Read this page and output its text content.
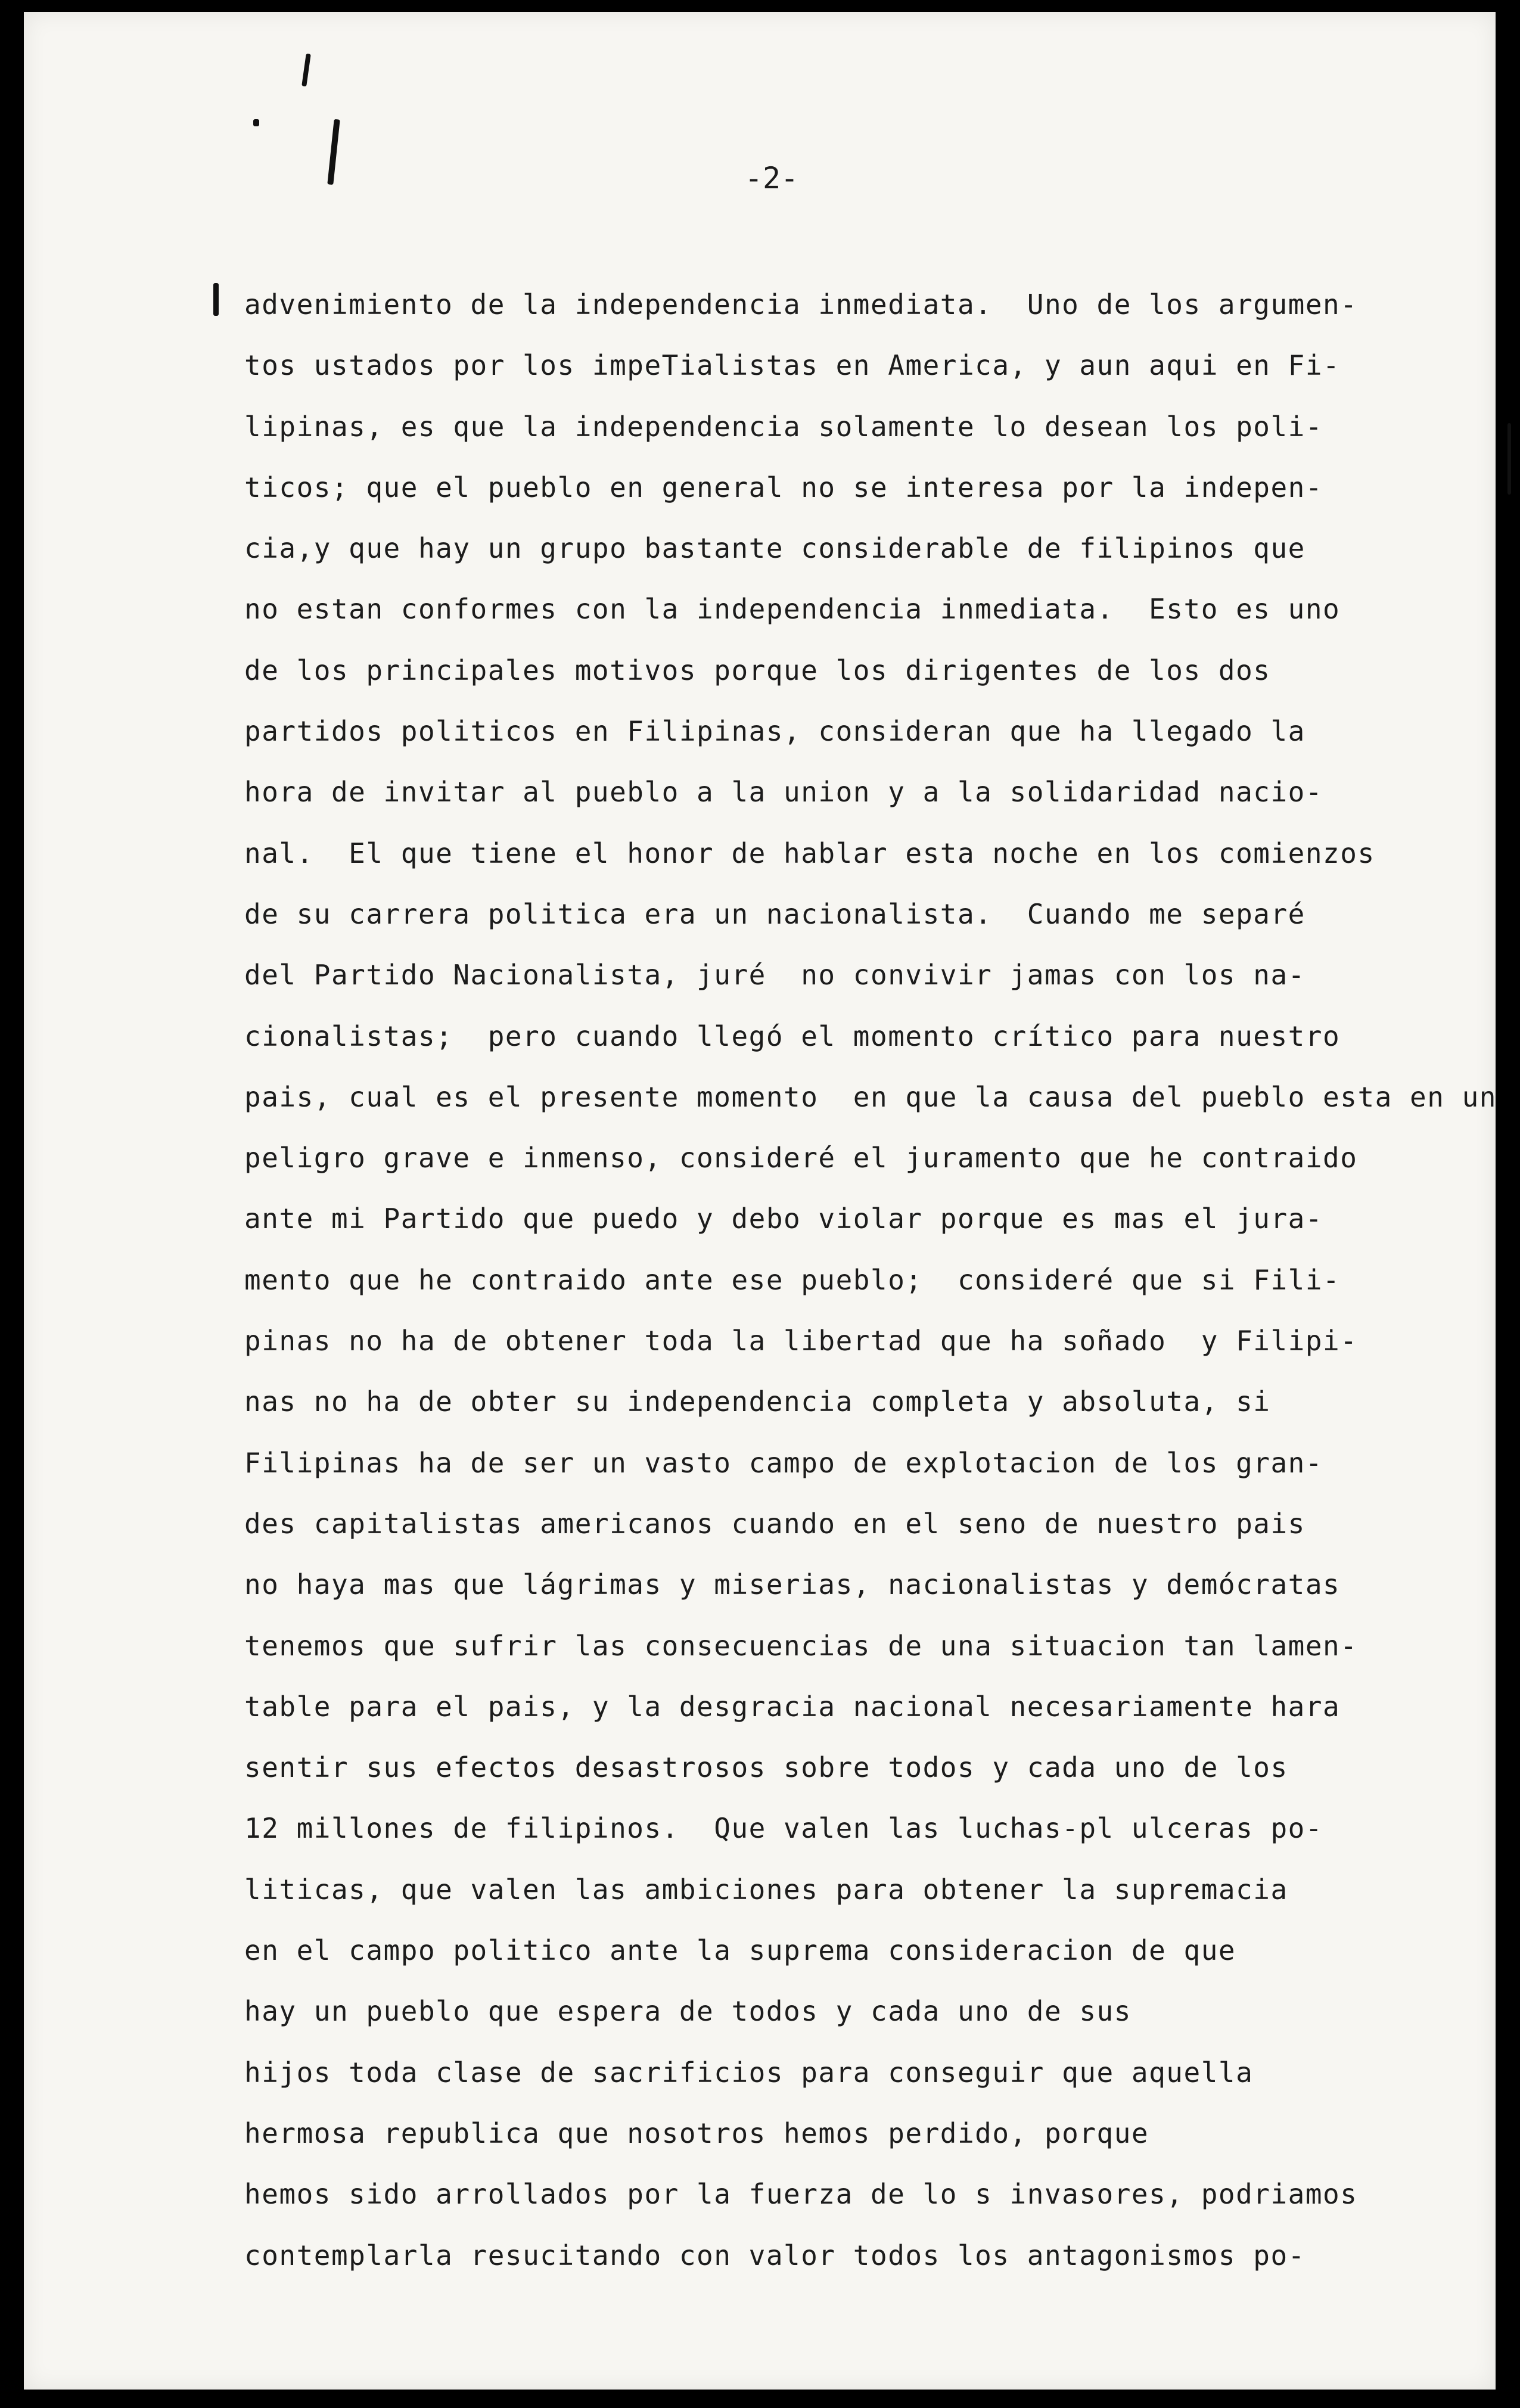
-2-
advenimiento de la independencia inmediata.  Uno de los argumen-
tos ustados por los impeTialistas en America, y aun aqui en Fi-
lipinas, es que la independencia solamente lo desean los poli-
ticos; que el pueblo en general no se interesa por la indepen-
cia,y que hay un grupo bastante considerable de filipinos que
no estan conformes con la independencia inmediata.  Esto es uno
de los principales motivos porque los dirigentes de los dos
partidos politicos en Filipinas, consideran que ha llegado la
hora de invitar al pueblo a la union y a la solidaridad nacio-
nal.  El que tiene el honor de hablar esta noche en los comienzos
de su carrera politica era un nacionalista.  Cuando me separé
del Partido Nacionalista, juré  no convivir jamas con los na-
cionalistas;  pero cuando llegó el momento crítico para nuestro
pais, cual es el presente momento  en que la causa del pueblo esta en un
peligro grave e inmenso, consideré el juramento que he contraido
ante mi Partido que puedo y debo violar porque es mas el jura-
mento que he contraido ante ese pueblo;  consideré que si Fili-
pinas no ha de obtener toda la libertad que ha soñado  y Filipi-
nas no ha de obter su independencia completa y absoluta, si
Filipinas ha de ser un vasto campo de explotacion de los gran-
des capitalistas americanos cuando en el seno de nuestro pais
no haya mas que lágrimas y miserias, nacionalistas y demócratas
tenemos que sufrir las consecuencias de una situacion tan lamen-
table para el pais, y la desgracia nacional necesariamente hara
sentir sus efectos desastrosos sobre todos y cada uno de los
12 millones de filipinos.  Que valen las luchas-pl ulceras po-
liticas, que valen las ambiciones para obtener la supremacia
en el campo politico ante la suprema consideracion de que
hay un pueblo que espera de todos y cada uno de sus
hijos toda clase de sacrificios para conseguir que aquella
hermosa republica que nosotros hemos perdido, porque
hemos sido arrollados por la fuerza de lo s invasores, podriamos
contemplarla resucitando con valor todos los antagonismos po-
